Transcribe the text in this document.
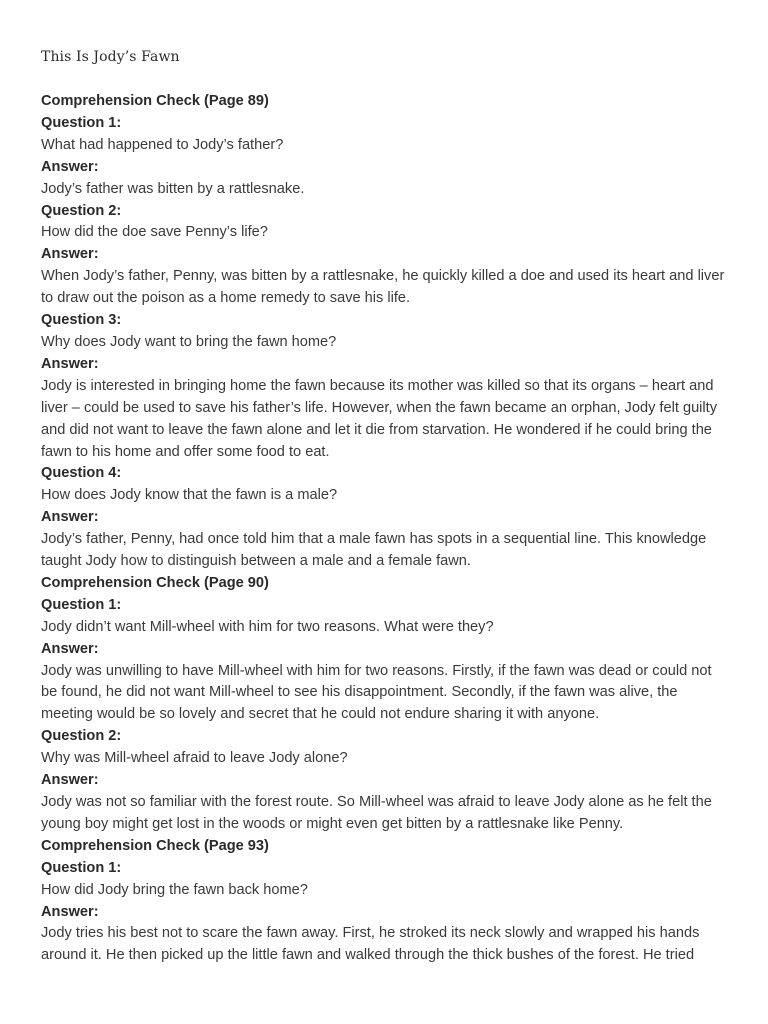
This Is Jody’s Fawn

Comprehension Check (Page 89)

Question 1:

What had happened to Jody’s father?

Answer:

Jody’s father was bitten by a rattlesnake.

Question 2:

How did the doe save Penny’s life?

Answer:

When Jody’s father, Penny, was bitten by a rattlesnake, he quickly killed a doe and used its heart and liver to draw out the poison as a home remedy to save his life.

Question 3:

Why does Jody want to bring the fawn home?

Answer:

Jody is interested in bringing home the fawn because its mother was killed so that its organs – heart and liver – could be used to save his father’s life. However, when the fawn became an orphan, Jody felt guilty and did not want to leave the fawn alone and let it die from starvation. He wondered if he could bring the fawn to his home and offer some food to eat.

Question 4:

How does Jody know that the fawn is a male?

Answer:

Jody’s father, Penny, had once told him that a male fawn has spots in a sequential line. This knowledge taught Jody how to distinguish between a male and a female fawn.

Comprehension Check (Page 90)

Question 1:

Jody didn’t want Mill-wheel with him for two reasons. What were they?

Answer:

Jody was unwilling to have Mill-wheel with him for two reasons. Firstly, if the fawn was dead or could not be found, he did not want Mill-wheel to see his disappointment. Secondly, if the fawn was alive, the meeting would be so lovely and secret that he could not endure sharing it with anyone.

Question 2:

Why was Mill-wheel afraid to leave Jody alone?

Answer:

Jody was not so familiar with the forest route. So Mill-wheel was afraid to leave Jody alone as he felt the young boy might get lost in the woods or might even get bitten by a rattlesnake like Penny.

Comprehension Check (Page 93)

Question 1:

How did Jody bring the fawn back home?

Answer:

Jody tries his best not to scare the fawn away. First, he stroked its neck slowly and wrapped his hands around it. He then picked up the little fawn and walked through the thick bushes of the forest. He tried
